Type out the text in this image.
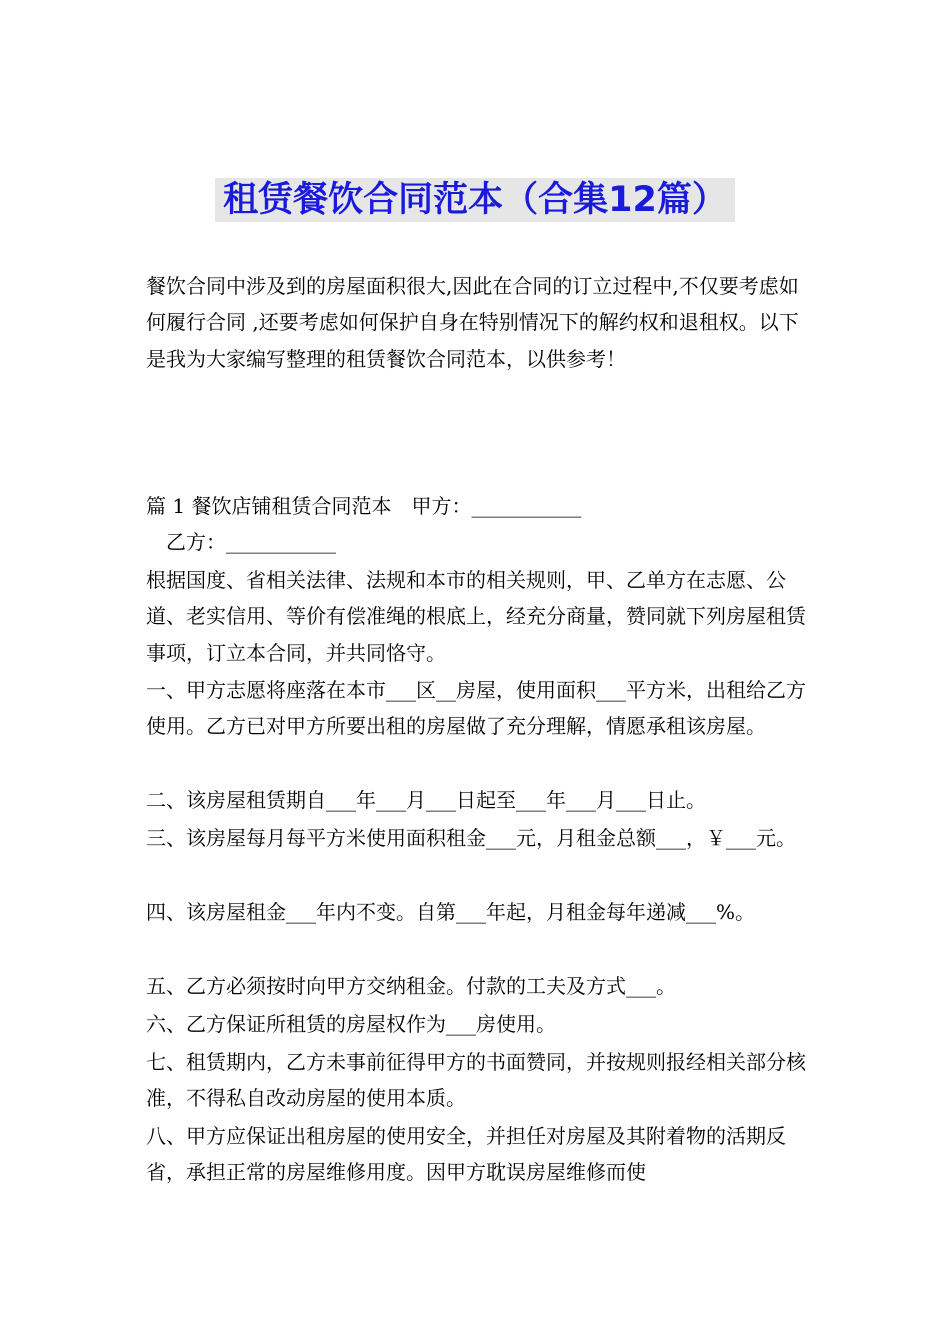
租赁餐饮合同范本（合集12篇）

餐饮合同中涉及到的房屋面积很大,因此在合同的订立过程中,不仅要考虑如何履行合同 ,还要考虑如何保护自身在特别情况下的解约权和退租权。以下是我为大家编写整理的租赁餐饮合同范本，以供参考！

篇 1 餐饮店铺租赁合同范本　甲方：___________
　乙方：___________

根据国度、省相关法律、法规和本市的相关规则，甲、乙单方在志愿、公道、老实信用、等价有偿准绳的根底上，经充分商量，赞同就下列房屋租赁事项，订立本合同，并共同恪守。

一、甲方志愿将座落在本市___区__房屋，使用面积___平方米，出租给乙方使用。乙方已对甲方所要出租的房屋做了充分理解，情愿承租该房屋。

二、该房屋租赁期自___年___月___日起至___年___月___日止。

三、该房屋每月每平方米使用面积租金___元，月租金总额___，￥___元。

四、该房屋租金___年内不变。自第___年起，月租金每年递减___%。

五、乙方必须按时向甲方交纳租金。付款的工夫及方式___。

六、乙方保证所租赁的房屋权作为___房使用。

七、租赁期内，乙方未事前征得甲方的书面赞同，并按规则报经相关部分核准，不得私自改动房屋的使用本质。

八、甲方应保证出租房屋的使用安全，并担任对房屋及其附着物的活期反省，承担正常的房屋维修用度。因甲方耽误房屋维修而使
